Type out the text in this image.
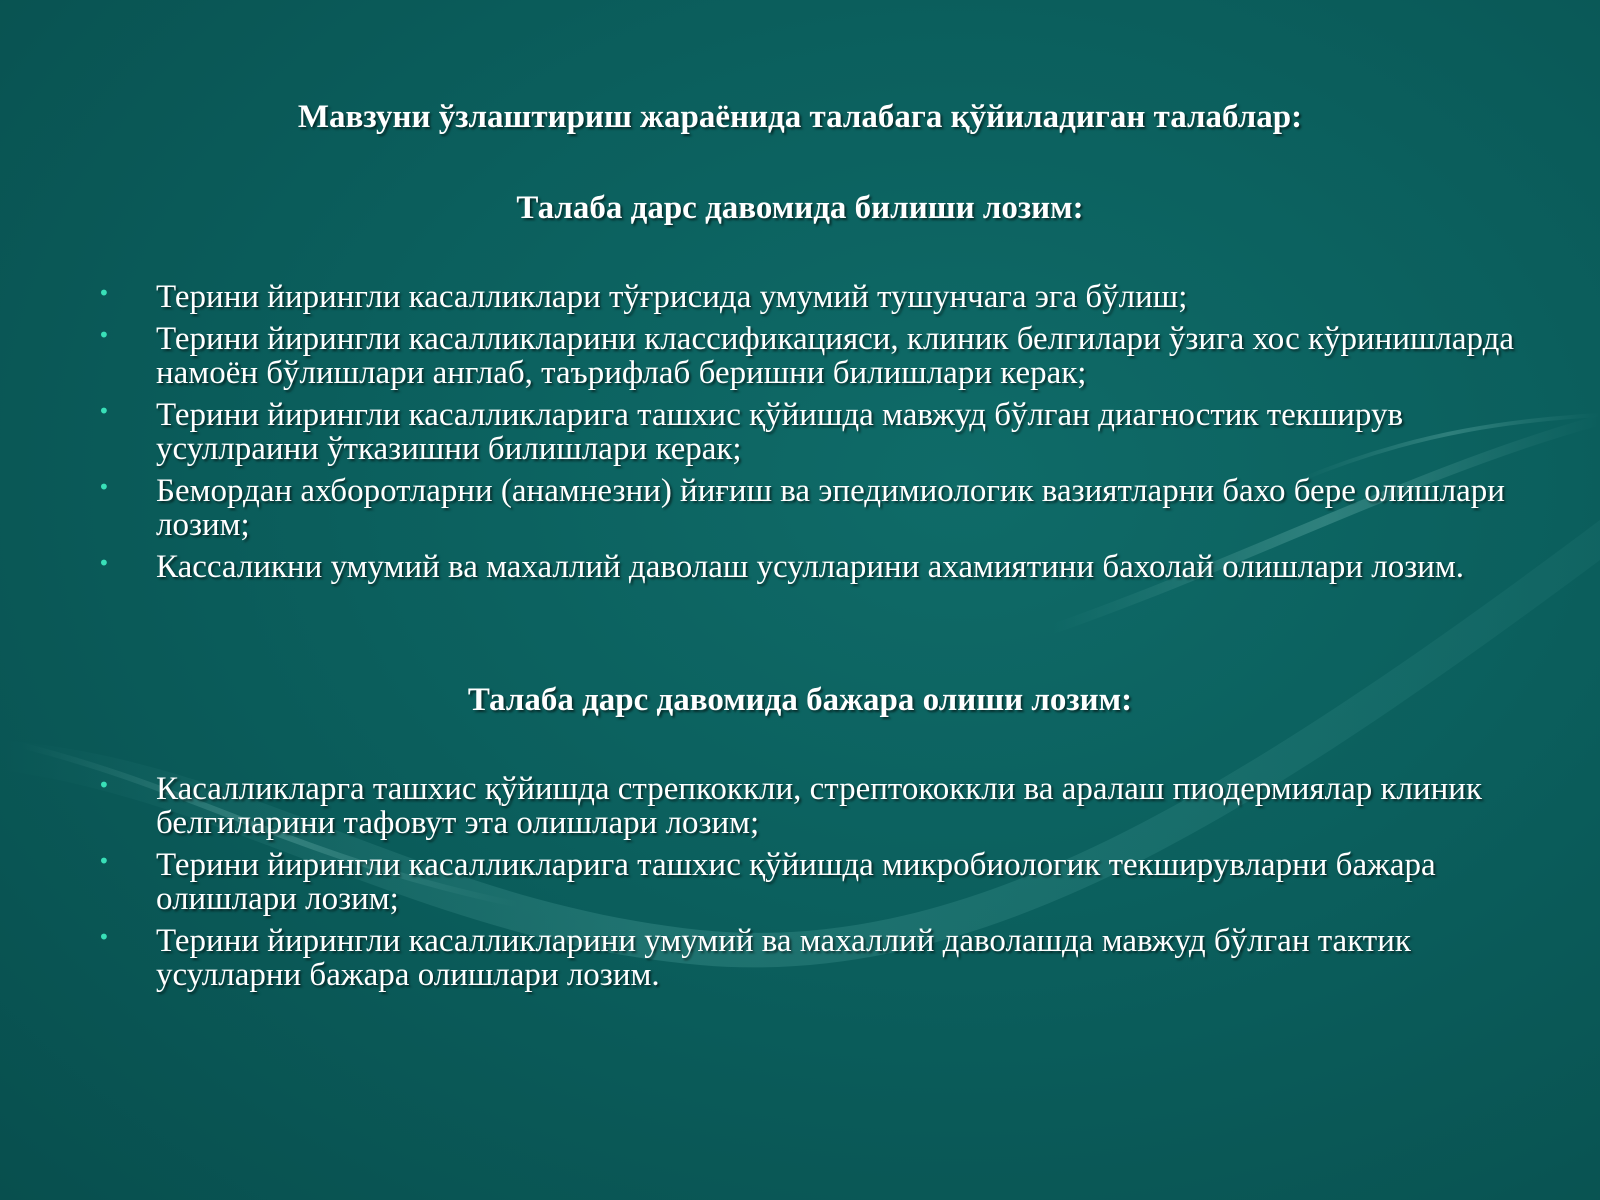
Мавзуни ўзлаштириш жараёнида талабага қўйиладиган талаблар:
Талаба дарс давомида билиши лозим:
• Терини йирингли касалликлари тўғрисида умумий тушунчага эга бўлиш;
• Терини йирингли касалликларини классификацияси, клиник белгилари ўзига хос кўринишларда намоён бўлишлари англаб, таърифлаб беришни билишлари керак;
• Терини йирингли касалликларига ташхис қўйишда мавжуд бўлган диагностик текширув усуллраини ўтказишни билишлари керак;
• Бемордан ахборотларни (анамнезни) йиғиш ва эпедимиологик вазиятларни бахо бере олишлари лозим;
• Кассаликни умумий ва махаллий даволаш усулларини ахамиятини бахолай олишлари лозим.
Талаба дарс давомида бажара олиши лозим:
• Касалликларга ташхис қўйишда стрепкоккли, стрептококкли ва аралаш пиодермиялар клиник белгиларини тафовут эта олишлари лозим;
• Терини йирингли касалликларига ташхис қўйишда микробиологик текширувларни бажара олишлари лозим;
• Терини йирингли касалликларини умумий ва махаллий даволашда мавжуд бўлган тактик усулларни бажара олишлари лозим.
